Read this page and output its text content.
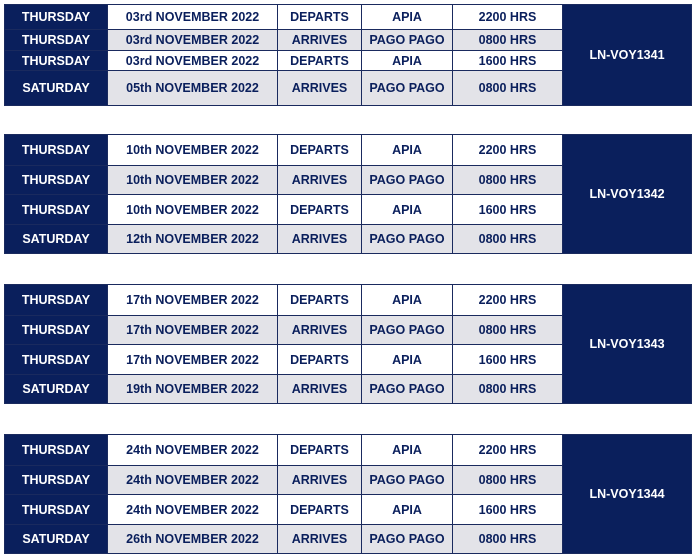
THURSDAY	03rd NOVEMBER 2022	DEPARTS	APIA	2200 HRS	LN-VOY1341
THURSDAY	03rd NOVEMBER 2022	ARRIVES	PAGO PAGO	0800 HRS	
THURSDAY	03rd NOVEMBER 2022	DEPARTS	APIA	1600 HRS	
SATURDAY	05th NOVEMBER 2022	ARRIVES	PAGO PAGO	0800 HRS	
THURSDAY	10th NOVEMBER 2022	DEPARTS	APIA	2200 HRS	LN-VOY1342
THURSDAY	10th NOVEMBER 2022	ARRIVES	PAGO PAGO	0800 HRS	
THURSDAY	10th NOVEMBER 2022	DEPARTS	APIA	1600 HRS	
SATURDAY	12th NOVEMBER 2022	ARRIVES	PAGO PAGO	0800 HRS	
THURSDAY	17th NOVEMBER 2022	DEPARTS	APIA	2200 HRS	LN-VOY1343
THURSDAY	17th NOVEMBER 2022	ARRIVES	PAGO PAGO	0800 HRS	
THURSDAY	17th NOVEMBER 2022	DEPARTS	APIA	1600 HRS	
SATURDAY	19th NOVEMBER 2022	ARRIVES	PAGO PAGO	0800 HRS	
THURSDAY	24th NOVEMBER 2022	DEPARTS	APIA	2200 HRS	LN-VOY1344
THURSDAY	24th NOVEMBER 2022	ARRIVES	PAGO PAGO	0800 HRS	
THURSDAY	24th NOVEMBER 2022	DEPARTS	APIA	1600 HRS	
SATURDAY	26th NOVEMBER 2022	ARRIVES	PAGO PAGO	0800 HRS	
